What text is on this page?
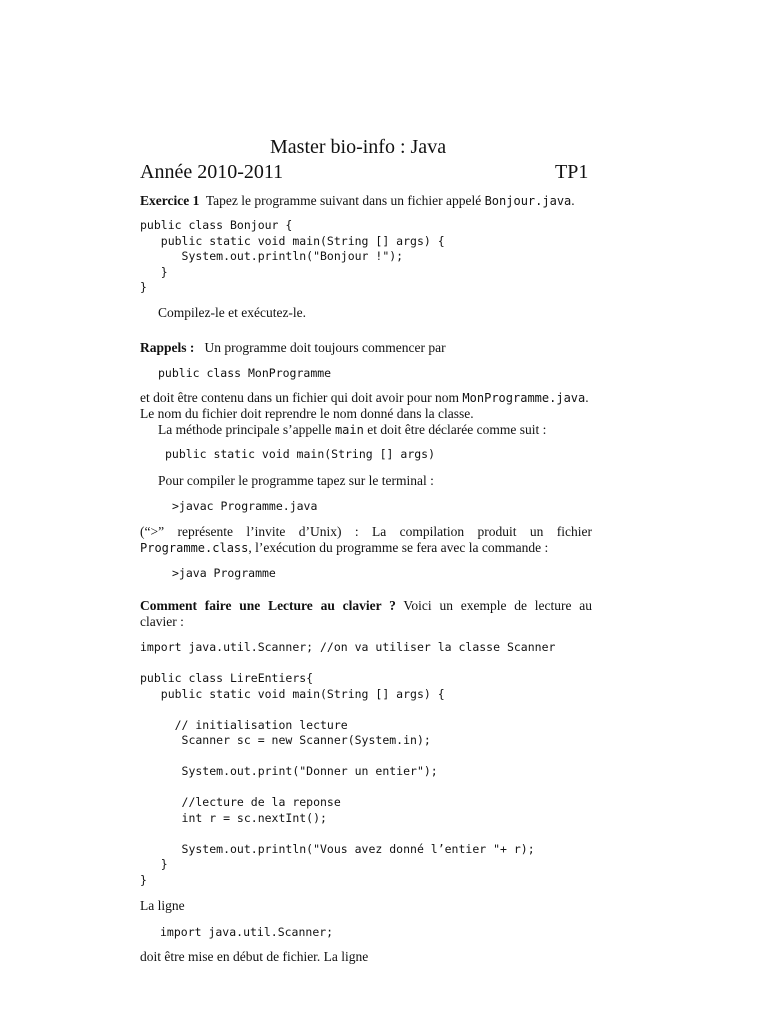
Master bio-info : Java
Année 2010-2011	TP1
Exercice 1 Tapez le programme suivant dans un fichier appelé Bonjour.java.
public class Bonjour {
public static void main(String [] args) {
System.out.println("Bonjour !");
}
}
Compilez-le et exécutez-le.
Rappels : Un programme doit toujours commencer par
public class MonProgramme
et doit être contenu dans un fichier qui doit avoir pour nom MonProgramme.java.
Le nom du fichier doit reprendre le nom donné dans la classe.
La méthode principale s’appelle main et doit être déclarée comme suit :
public static void main(String [] args)
Pour compiler le programme tapez sur le terminal :
>javac Programme.java
(“>” représente l’invite d’Unix) : La compilation produit un fichier
Programme.class, l’exécution du programme se fera avec la commande :
>java Programme
Comment faire une Lecture au clavier ? Voici un exemple de lecture au
clavier :
import java.util.Scanner; //on va utiliser la classe Scanner

public class LireEntiers{
public static void main(String [] args) {

// initialisation lecture
Scanner sc = new Scanner(System.in);

System.out.print("Donner un entier");

//lecture de la reponse
int r = sc.nextInt();

System.out.println("Vous avez donné l’entier "+ r);
}
}
La ligne
import java.util.Scanner;
doit être mise en début de fichier. La ligne
